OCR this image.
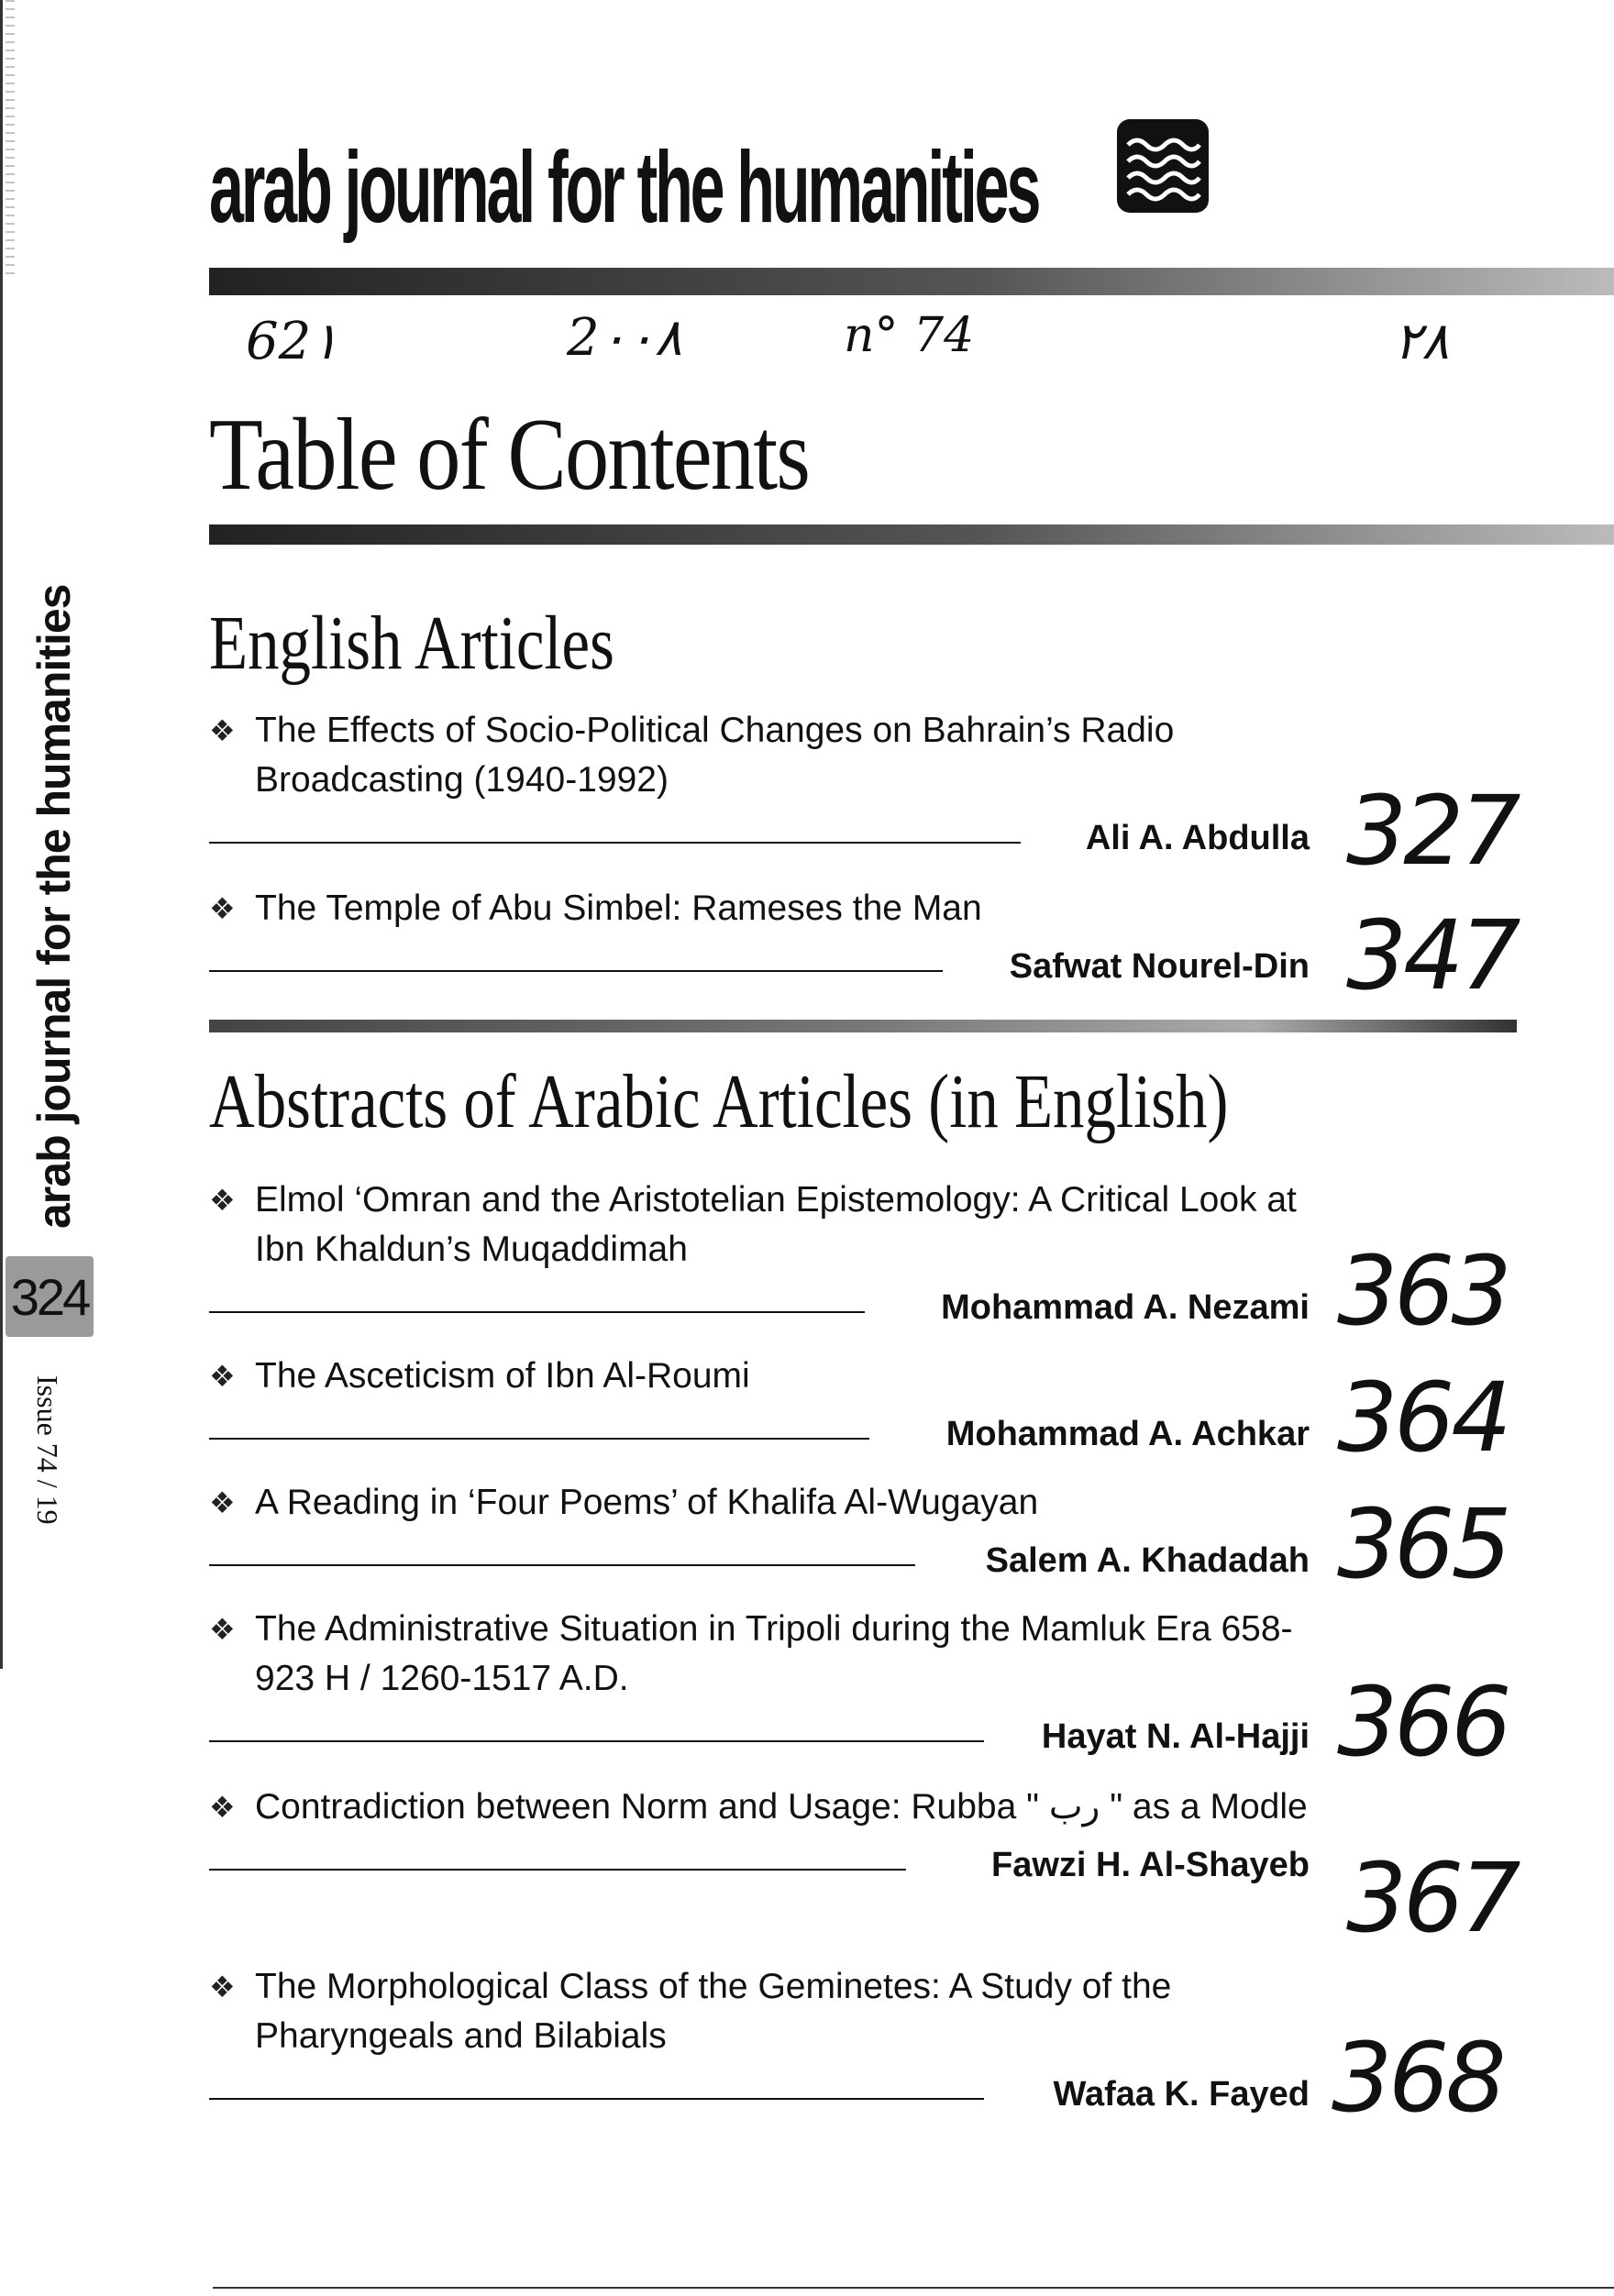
arab journal for the humanities
324
Issue 74 / 19
arab journal for the humanities
62١	2٠٠٨	n° 74	۲۸
Table of Contents
English Articles
❖ The Effects of Socio-Political Changes on Bahrain’s Radio Broadcasting (1940-1992)
Ali A. Abdulla 327
❖ The Temple of Abu Simbel: Rameses the Man
Safwat Nourel-Din 347
Abstracts of Arabic Articles (in English)
❖ Elmol ‘Omran and the Aristotelian Epistemology: A Critical Look at Ibn Khaldun’s Muqaddimah
Mohammad A. Nezami 363
❖ The Asceticism of Ibn Al-Roumi
Mohammad A. Achkar 364
❖ A Reading in ‘Four Poems’ of Khalifa Al-Wugayan
Salem A. Khadadah 365
❖ The Administrative Situation in Tripoli during the Mamluk Era 658-923 H / 1260-1517 A.D.
Hayat N. Al-Hajji 366
❖ Contradiction between Norm and Usage: Rubba " رب " as a Modle
Fawzi H. Al-Shayeb 367
❖ The Morphological Class of the Geminetes: A Study of the Pharyngeals and Bilabials
Wafaa K. Fayed 368
